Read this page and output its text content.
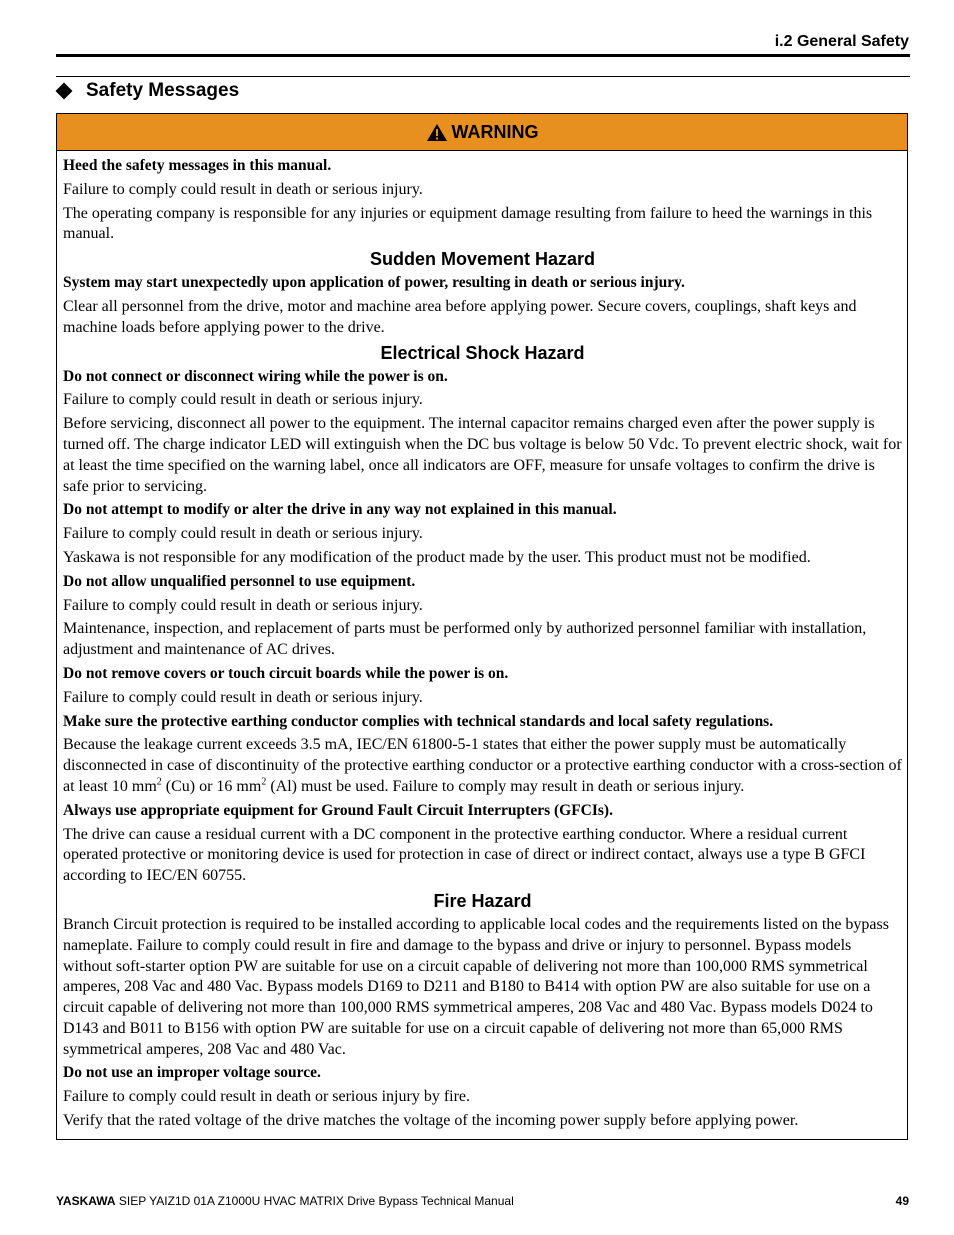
i.2 General Safety
Safety Messages
WARNING

Heed the safety messages in this manual.

Failure to comply could result in death or serious injury.

The operating company is responsible for any injuries or equipment damage resulting from failure to heed the warnings in this manual.

Sudden Movement Hazard

System may start unexpectedly upon application of power, resulting in death or serious injury.

Clear all personnel from the drive, motor and machine area before applying power. Secure covers, couplings, shaft keys and machine loads before applying power to the drive.

Electrical Shock Hazard

Do not connect or disconnect wiring while the power is on.

Failure to comply could result in death or serious injury.

Before servicing, disconnect all power to the equipment. The internal capacitor remains charged even after the power supply is turned off. The charge indicator LED will extinguish when the DC bus voltage is below 50 Vdc. To prevent electric shock, wait for at least the time specified on the warning label, once all indicators are OFF, measure for unsafe voltages to confirm the drive is safe prior to servicing.

Do not attempt to modify or alter the drive in any way not explained in this manual.

Failure to comply could result in death or serious injury.

Yaskawa is not responsible for any modification of the product made by the user. This product must not be modified.

Do not allow unqualified personnel to use equipment.

Failure to comply could result in death or serious injury.

Maintenance, inspection, and replacement of parts must be performed only by authorized personnel familiar with installation, adjustment and maintenance of AC drives.

Do not remove covers or touch circuit boards while the power is on.

Failure to comply could result in death or serious injury.

Make sure the protective earthing conductor complies with technical standards and local safety regulations.

Because the leakage current exceeds 3.5 mA, IEC/EN 61800-5-1 states that either the power supply must be automatically disconnected in case of discontinuity of the protective earthing conductor or a protective earthing conductor with a cross-section of at least 10 $mm^2$ (Cu) or 16 $mm^2$ (Al) must be used. Failure to comply may result in death or serious injury.

Always use appropriate equipment for Ground Fault Circuit Interrupters (GFCIs).

The drive can cause a residual current with a DC component in the protective earthing conductor. Where a residual current operated protective or monitoring device is used for protection in case of direct or indirect contact, always use a type B GFCI according to IEC/EN 60755.

Fire Hazard

Branch Circuit protection is required to be installed according to applicable local codes and the requirements listed on the bypass nameplate. Failure to comply could result in fire and damage to the bypass and drive or injury to personnel. Bypass models without soft-starter option PW are suitable for use on a circuit capable of delivering not more than 100,000 RMS symmetrical amperes, 208 Vac and 480 Vac. Bypass models D169 to D211 and B180 to B414 with option PW are also suitable for use on a circuit capable of delivering not more than 100,000 RMS symmetrical amperes, 208 Vac and 480 Vac. Bypass models D024 to D143 and B011 to B156 with option PW are suitable for use on a circuit capable of delivering not more than 65,000 RMS symmetrical amperes, 208 Vac and 480 Vac.

Do not use an improper voltage source.

Failure to comply could result in death or serious injury by fire.

Verify that the rated voltage of the drive matches the voltage of the incoming power supply before applying power.

YASKAWA SIEP YAIZ1D 01A Z1000U HVAC MATRIX Drive Bypass Technical Manual	49
